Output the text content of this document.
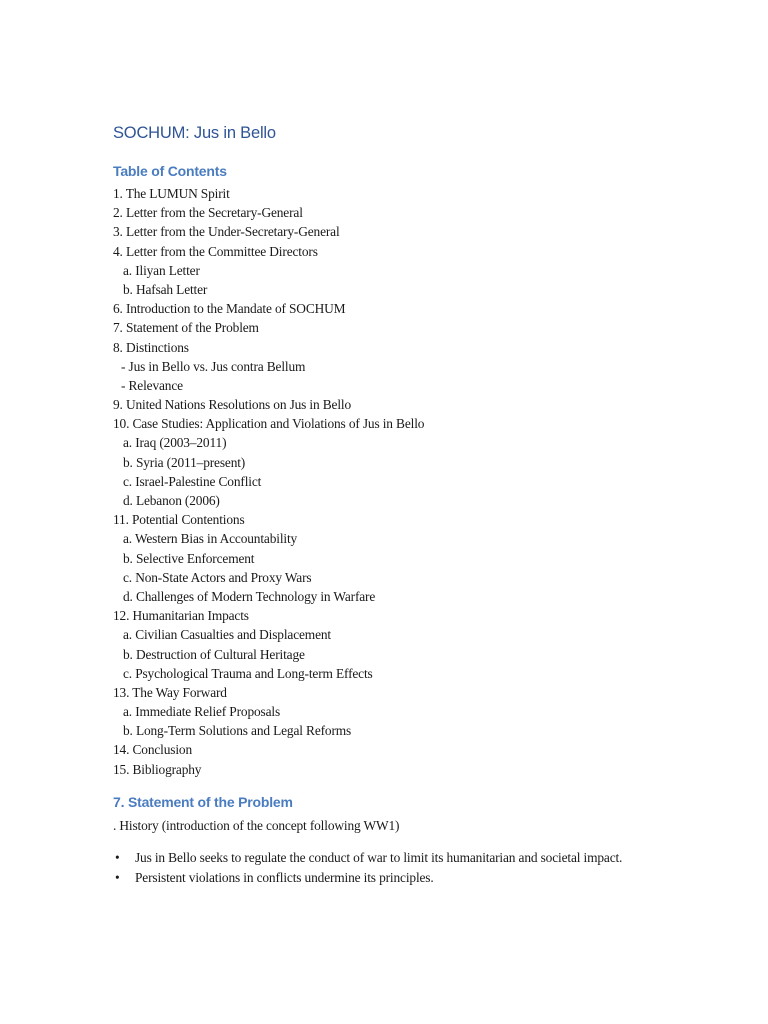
SOCHUM: Jus in Bello
Table of Contents
1. The LUMUN Spirit
2. Letter from the Secretary-General
3. Letter from the Under-Secretary-General
4. Letter from the Committee Directors
a. Iliyan Letter
b. Hafsah Letter
6. Introduction to the Mandate of SOCHUM
7. Statement of the Problem
8. Distinctions
- Jus in Bello vs. Jus contra Bellum
- Relevance
9. United Nations Resolutions on Jus in Bello
10. Case Studies: Application and Violations of Jus in Bello
a. Iraq (2003–2011)
b. Syria (2011–present)
c. Israel-Palestine Conflict
d. Lebanon (2006)
11. Potential Contentions
a. Western Bias in Accountability
b. Selective Enforcement
c. Non-State Actors and Proxy Wars
d. Challenges of Modern Technology in Warfare
12. Humanitarian Impacts
a. Civilian Casualties and Displacement
b. Destruction of Cultural Heritage
c. Psychological Trauma and Long-term Effects
13. The Way Forward
a. Immediate Relief Proposals
b. Long-Term Solutions and Legal Reforms
14. Conclusion
15. Bibliography
7. Statement of the Problem

. History (introduction of the concept following WW1)

• Jus in Bello seeks to regulate the conduct of war to limit its humanitarian and societal impact.
• Persistent violations in conflicts undermine its principles.
